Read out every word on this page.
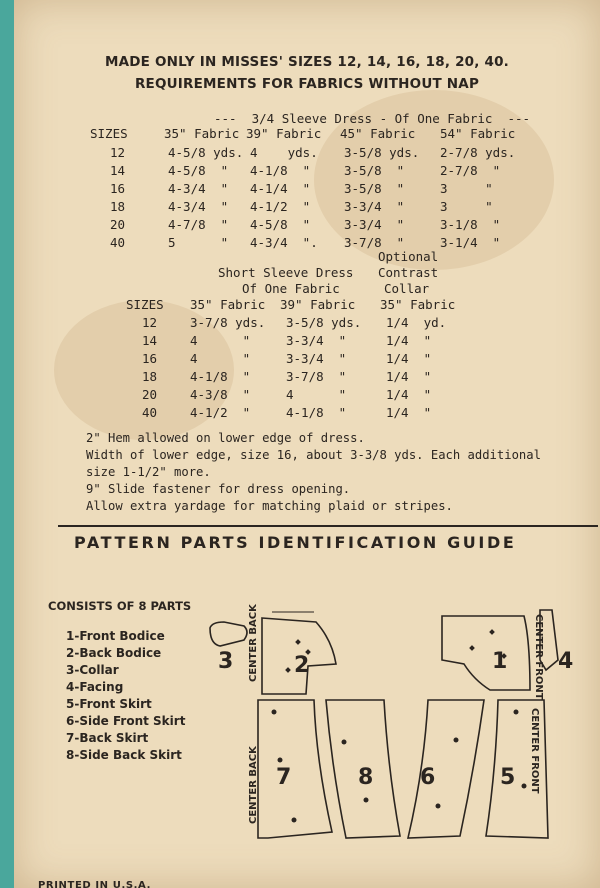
MADE ONLY IN MISSES' SIZES 12, 14, 16, 18, 20, 40.
REQUIREMENTS FOR FABRICS WITHOUT NAP
---  3/4 Sleeve Dress - Of One Fabric  ---
SIZES	35" Fabric 39" Fabric 45" Fabric 54" Fabric
12	4-5/8 yds. 4    yds. 3-5/8 yds. 2-7/8 yds.
14	4-5/8  " 4-1/8  "	3-5/8  "	2-7/8  "
16	4-3/4  " 4-1/4  "	3-5/8  "	3     "
18	4-3/4  " 4-1/2  "	3-3/4  "	3     "
20	4-7/8  " 4-5/8  "	3-3/4  "	3-1/8  "
40	5      " 4-3/4  ". 3-7/8  "	3-1/4  "
Optional
Short Sleeve Dress Contrast
Of One Fabric	Collar
SIZES 35" Fabric 39" Fabric 35" Fabric
12	3-7/8 yds. 3-5/8 yds. 1/4  yd.
14	4      "	3-3/4  "	1/4  "
16	4      "	3-3/4  "	1/4  "
18	4-1/8  "	3-7/8  "	1/4  "
20	4-3/8  "	4      "	1/4  "
40	4-1/2  "	4-1/8  "	1/4  "
2" Hem allowed on lower edge of dress.
Width of lower edge, size 16, about 3-3/8 yds. Each additional
size 1-1/2" more.
9" Slide fastener for dress opening.
Allow extra yardage for matching plaid or stripes.
PATTERN PARTS IDENTIFICATION GUIDE
CONSISTS OF 8 PARTS
1-Front Bodice
2-Back Bodice
3-Collar
4-Facing
5-Front Skirt
6-Side Front Skirt
7-Back Skirt
8-Side Back Skirt
2	1
3	4
7	8 6	5
CENTER BACK
CENTER BACK
CENTER FRONT
CENTER FRONT
PRINTED IN U.S.A.
